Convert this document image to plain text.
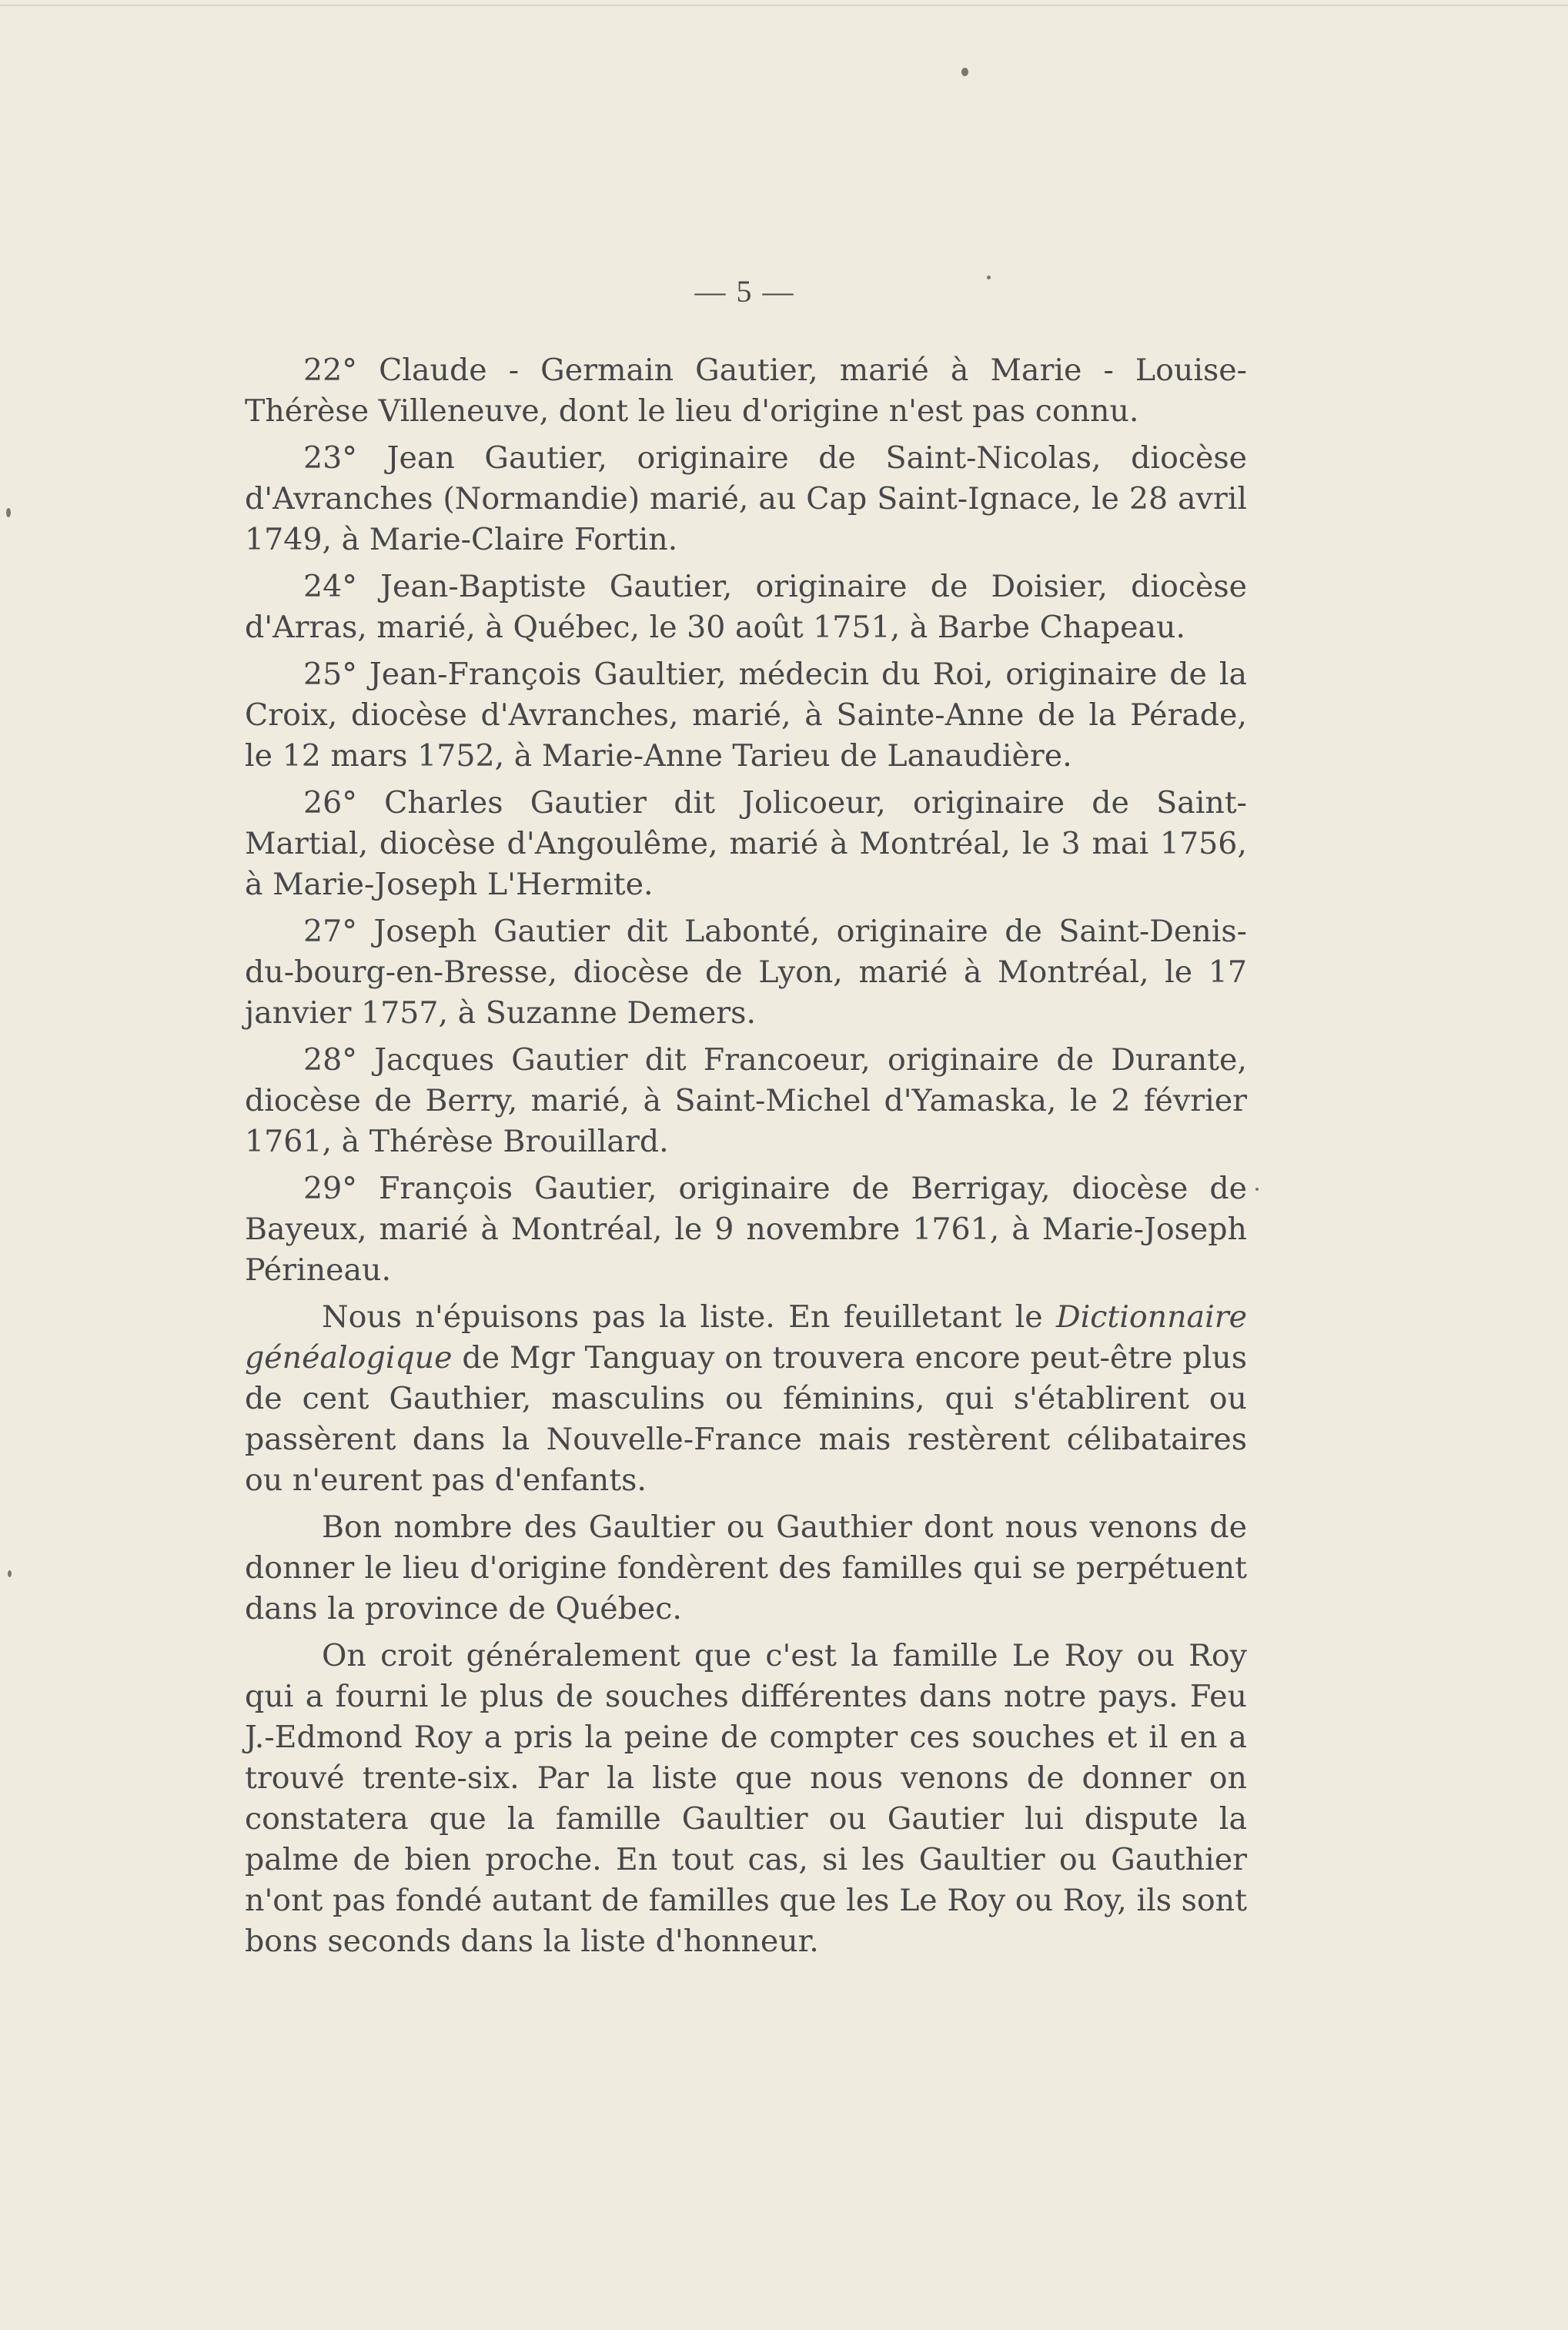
— 5 —

22° Claude - Germain Gautier, marié à Marie - Louise-Thérèse Villeneuve, dont le lieu d'origine n'est pas connu.

23° Jean Gautier, originaire de Saint-Nicolas, diocèse d'Avranches (Normandie) marié, au Cap Saint-Ignace, le 28 avril 1749, à Marie-Claire Fortin.

24° Jean-Baptiste Gautier, originaire de Doisier, diocèse d'Arras, marié, à Québec, le 30 août 1751, à Barbe Chapeau.

25° Jean-François Gaultier, médecin du Roi, originaire de la Croix, diocèse d'Avranches, marié, à Sainte-Anne de la Pérade, le 12 mars 1752, à Marie-Anne Tarieu de Lanaudière.

26° Charles Gautier dit Jolicoeur, originaire de Saint-Martial, diocèse d'Angoulême, marié à Montréal, le 3 mai 1756, à Marie-Joseph L'Hermite.

27° Joseph Gautier dit Labonté, originaire de Saint-Denis-du-bourg-en-Bresse, diocèse de Lyon, marié à Montréal, le 17 janvier 1757, à Suzanne Demers.

28° Jacques Gautier dit Francoeur, originaire de Durante, diocèse de Berry, marié, à Saint-Michel d'Yamaska, le 2 février 1761, à Thérèse Brouillard.

29° François Gautier, originaire de Berrigay, diocèse de Bayeux, marié à Montréal, le 9 novembre 1761, à Marie-Joseph Périneau.

Nous n'épuisons pas la liste. En feuilletant le Dictionnaire généalogique de Mgr Tanguay on trouvera encore peut-être plus de cent Gauthier, masculins ou féminins, qui s'établirent ou passèrent dans la Nouvelle-France mais restèrent célibataires ou n'eurent pas d'enfants.

Bon nombre des Gaultier ou Gauthier dont nous venons de donner le lieu d'origine fondèrent des familles qui se perpétuent dans la province de Québec.

On croit généralement que c'est la famille Le Roy ou Roy qui a fourni le plus de souches différentes dans notre pays. Feu J.-Edmond Roy a pris la peine de compter ces souches et il en a trouvé trente-six. Par la liste que nous venons de donner on constatera que la famille Gaultier ou Gautier lui dispute la palme de bien proche. En tout cas, si les Gaultier ou Gauthier n'ont pas fondé autant de familles que les Le Roy ou Roy, ils sont bons seconds dans la liste d'honneur.
